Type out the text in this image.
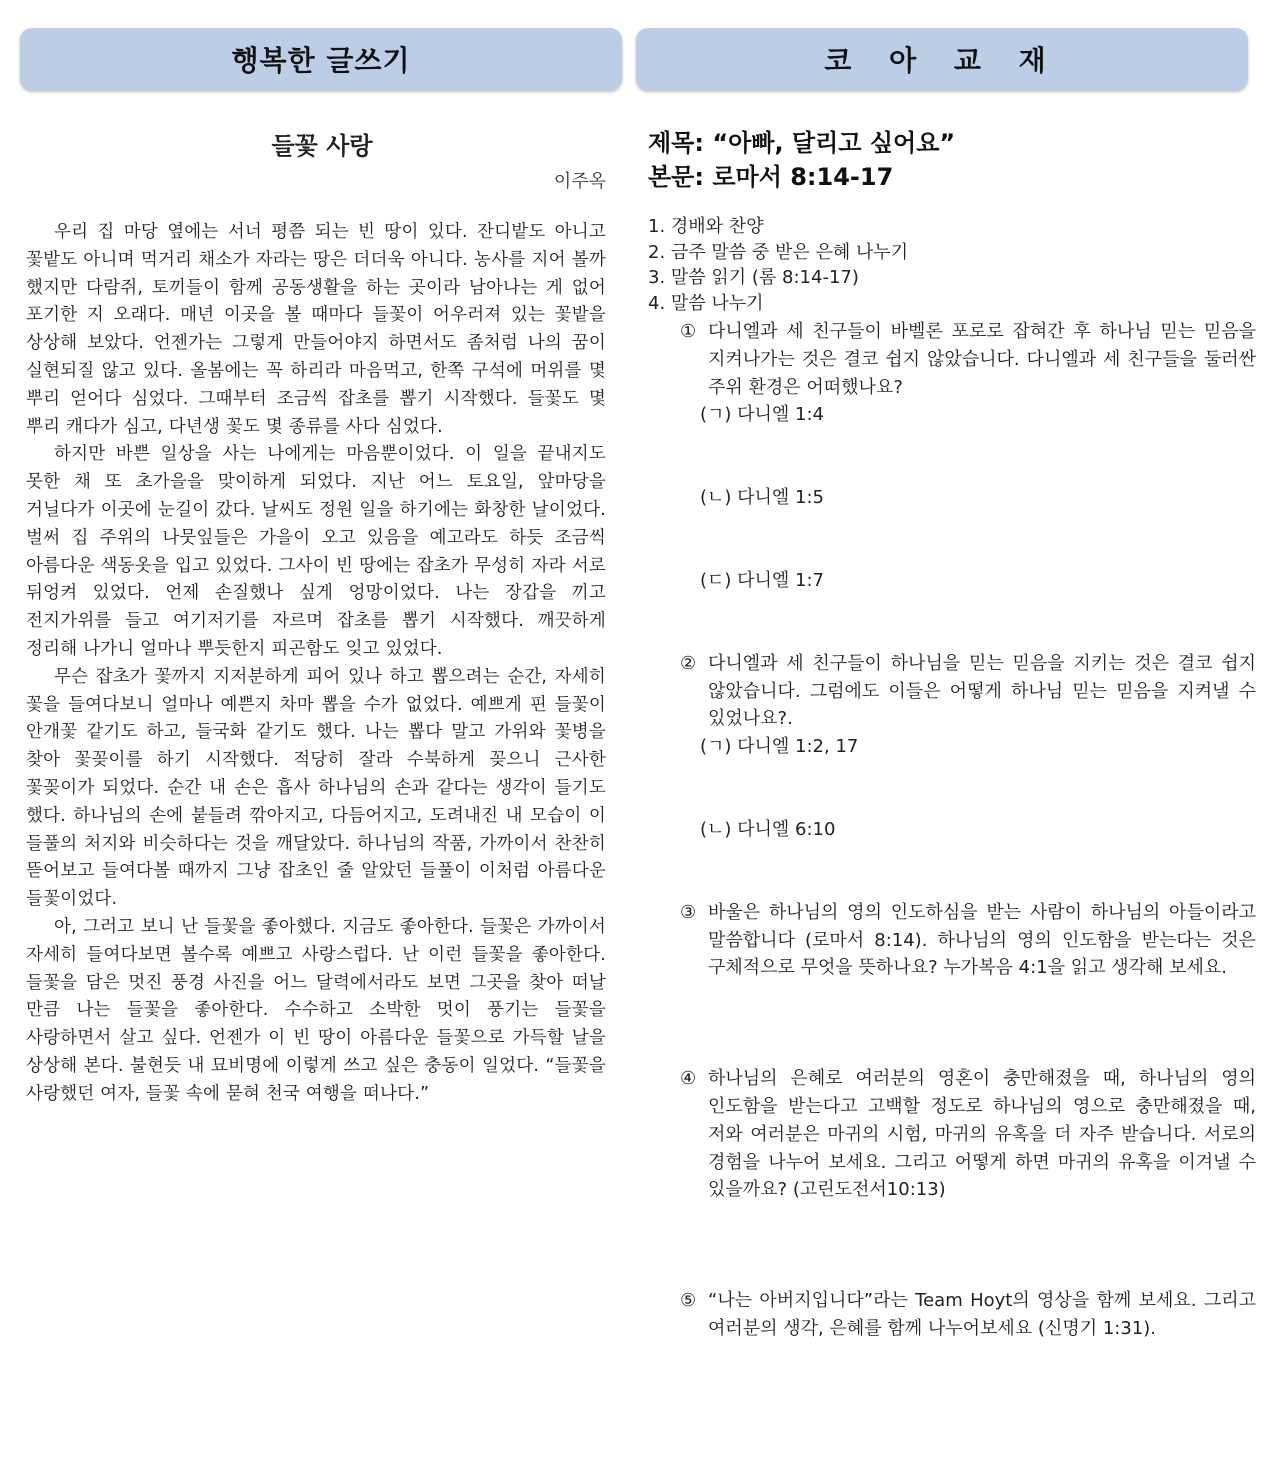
행복한 글쓰기	코 아 교 재
들꽃 사랑
이주옥

우리 집 마당 옆에는 서너 평쯤 되는 빈 땅이 있다. 잔디밭도 아니고 꽃밭도 아니며 먹거리 채소가 자라는 땅은 더더욱 아니다. 농사를 지어 볼까 했지만 다람쥐, 토끼들이 함께 공동생활을 하는 곳이라 남아나는 게 없어 포기한 지 오래다. 매년 이곳을 볼 때마다 들꽃이 어우러져 있는 꽃밭을 상상해 보았다. 언젠가는 그렇게 만들어야지 하면서도 좀처럼 나의 꿈이 실현되질 않고 있다. 올봄에는 꼭 하리라 마음먹고, 한쪽 구석에 머위를 몇 뿌리 얻어다 심었다. 그때부터 조금씩 잡초를 뽑기 시작했다. 들꽃도 몇 뿌리 캐다가 심고, 다년생 꽃도 몇 종류를 사다 심었다.

하지만 바쁜 일상을 사는 나에게는 마음뿐이었다. 이 일을 끝내지도 못한 채 또 초가을을 맞이하게 되었다. 지난 어느 토요일, 앞마당을 거닐다가 이곳에 눈길이 갔다. 날씨도 정원 일을 하기에는 화창한 날이었다. 벌써 집 주위의 나뭇잎들은 가을이 오고 있음을 예고라도 하듯 조금씩 아름다운 색동옷을 입고 있었다. 그사이 빈 땅에는 잡초가 무성히 자라 서로 뒤엉켜 있었다. 언제 손질했나 싶게 엉망이었다. 나는 장갑을 끼고 전지가위를 들고 여기저기를 자르며 잡초를 뽑기 시작했다. 깨끗하게 정리해 나가니 얼마나 뿌듯한지 피곤함도 잊고 있었다.

무슨 잡초가 꽃까지 지저분하게 피어 있나 하고 뽑으려는 순간, 자세히 꽃을 들여다보니 얼마나 예쁜지 차마 뽑을 수가 없었다. 예쁘게 핀 들꽃이 안개꽃 같기도 하고, 들국화 같기도 했다. 나는 뽑다 말고 가위와 꽃병을 찾아 꽃꽂이를 하기 시작했다. 적당히 잘라 수북하게 꽂으니 근사한 꽃꽂이가 되었다. 순간 내 손은 흡사 하나님의 손과 같다는 생각이 들기도 했다. 하나님의 손에 붙들려 깎아지고, 다듬어지고, 도려내진 내 모습이 이 들풀의 처지와 비슷하다는 것을 깨달았다. 하나님의 작품, 가까이서 찬찬히 뜯어보고 들여다볼 때까지 그냥 잡초인 줄 알았던 들풀이 이처럼 아름다운 들꽃이었다.

아, 그러고 보니 난 들꽃을 좋아했다. 지금도 좋아한다. 들꽃은 가까이서 자세히 들여다보면 볼수록 예쁘고 사랑스럽다. 난 이런 들꽃을 좋아한다. 들꽃을 담은 멋진 풍경 사진을 어느 달력에서라도 보면 그곳을 찾아 떠날 만큼 나는 들꽃을 좋아한다. 수수하고 소박한 멋이 풍기는 들꽃을 사랑하면서 살고 싶다. 언젠가 이 빈 땅이 아름다운 들꽃으로 가득할 날을 상상해 본다. 불현듯 내 묘비명에 이렇게 쓰고 싶은 충동이 일었다. “들꽃을 사랑했던 여자, 들꽃 속에 묻혀 천국 여행을 떠나다.”

제목: “아빠, 달리고 싶어요”
본문: 로마서 8:14-17
1. 경배와 찬양
2. 금주 말씀 중 받은 은혜 나누기
3. 말씀 읽기 (롬 8:14-17)
4. 말씀 나누기
① 다니엘과 세 친구들이 바벨론 포로로 잡혀간 후 하나님 믿는 믿음을 지켜나가는 것은 결코 쉽지 않았습니다. 다니엘과 세 친구들을 둘러싼 주위 환경은 어떠했나요?
(ㄱ) 다니엘 1:4
(ㄴ) 다니엘 1:5
(ㄷ) 다니엘 1:7
② 다니엘과 세 친구들이 하나님을 믿는 믿음을 지키는 것은 결코 쉽지 않았습니다. 그럼에도 이들은 어떻게 하나님 믿는 믿음을 지켜낼 수 있었나요?.
(ㄱ) 다니엘 1:2, 17
(ㄴ) 다니엘 6:10
③ 바울은 하나님의 영의 인도하심을 받는 사람이 하나님의 아들이라고 말씀합니다 (로마서 8:14). 하나님의 영의 인도함을 받는다는 것은 구체적으로 무엇을 뜻하나요? 누가복음 4:1을 읽고 생각해 보세요.
④ 하나님의 은혜로 여러분의 영혼이 충만해졌을 때, 하나님의 영의 인도함을 받는다고 고백할 정도로 하나님의 영으로 충만해졌을 때, 저와 여러분은 마귀의 시험, 마귀의 유혹을 더 자주 받습니다. 서로의 경험을 나누어 보세요. 그리고 어떻게 하면 마귀의 유혹을 이겨낼 수 있을까요? (고린도전서10:13)
⑤ “나는 아버지입니다”라는 Team Hoyt의 영상을 함께 보세요. 그리고 여러분의 생각, 은혜를 함께 나누어보세요 (신명기 1:31).
